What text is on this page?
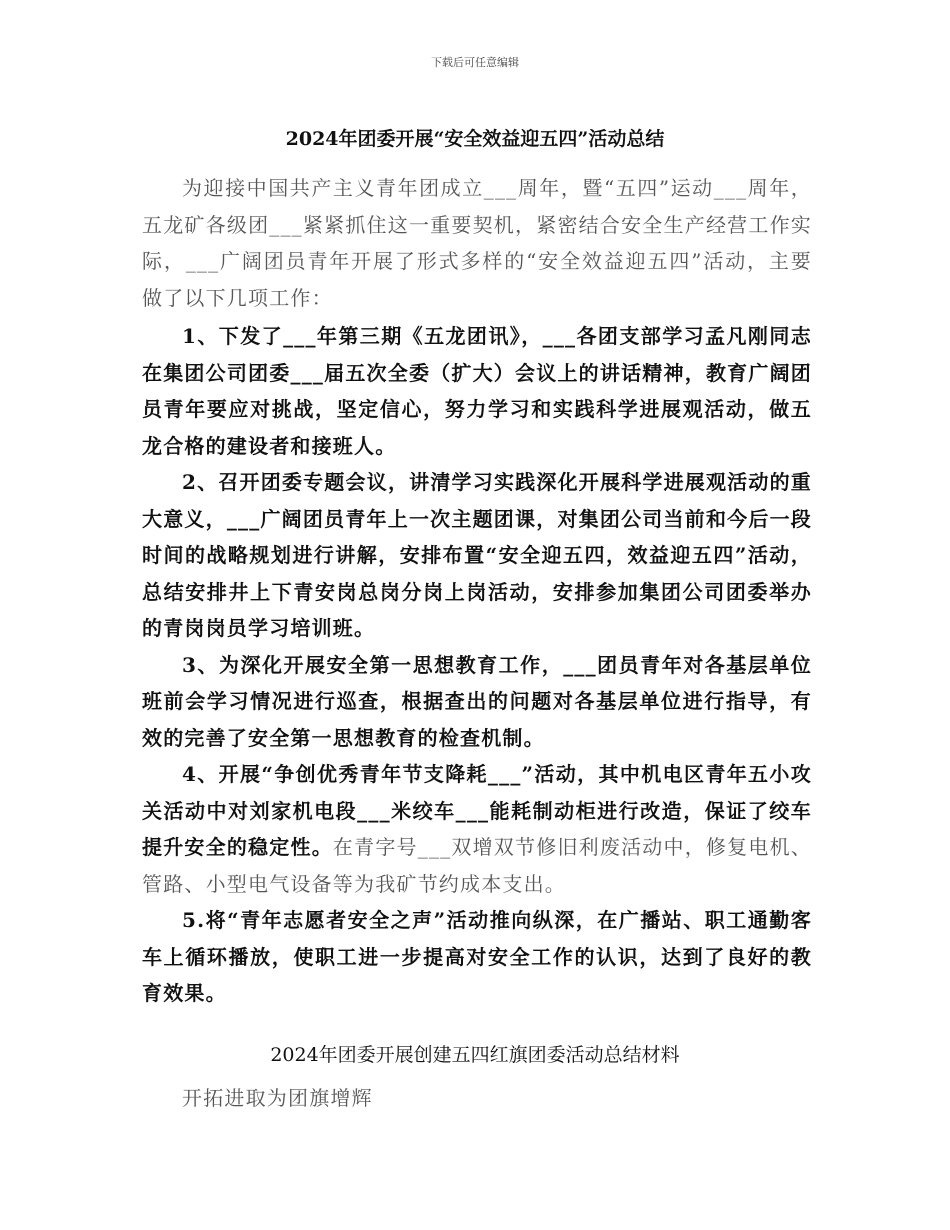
下载后可任意编辑
2024年团委开展“安全效益迎五四”活动总结

为迎接中国共产主义青年团成立___周年，暨“五四”运动___周年，五龙矿各级团___紧紧抓住这一重要契机，紧密结合安全生产经营工作实际，___广阔团员青年开展了形式多样的“安全效益迎五四”活动，主要做了以下几项工作：

1、下发了___年第三期《五龙团讯》，___各团支部学习孟凡刚同志在集团公司团委___届五次全委（扩大）会议上的讲话精神，教育广阔团员青年要应对挑战，坚定信心，努力学习和实践科学进展观活动，做五龙合格的建设者和接班人。

2、召开团委专题会议，讲清学习实践深化开展科学进展观活动的重大意义，___广阔团员青年上一次主题团课，对集团公司当前和今后一段时间的战略规划进行讲解，安排布置“安全迎五四，效益迎五四”活动，总结安排井上下青安岗总岗分岗上岗活动，安排参加集团公司团委举办的青岗岗员学习培训班。

3、为深化开展安全第一思想教育工作，___团员青年对各基层单位班前会学习情况进行巡查，根据查出的问题对各基层单位进行指导，有效的完善了安全第一思想教育的检查机制。

4、开展“争创优秀青年节支降耗___”活动，其中机电区青年五小攻关活动中对刘家机电段___米绞车___能耗制动柜进行改造，保证了绞车提升安全的稳定性。在青字号___双增双节修旧利废活动中，修复电机、管路、小型电气设备等为我矿节约成本支出。

5.将“青年志愿者安全之声”活动推向纵深，在广播站、职工通勤客车上循环播放，使职工进一步提高对安全工作的认识，达到了良好的教育效果。

2024年团委开展创建五四红旗团委活动总结材料

开拓进取为团旗增辉
